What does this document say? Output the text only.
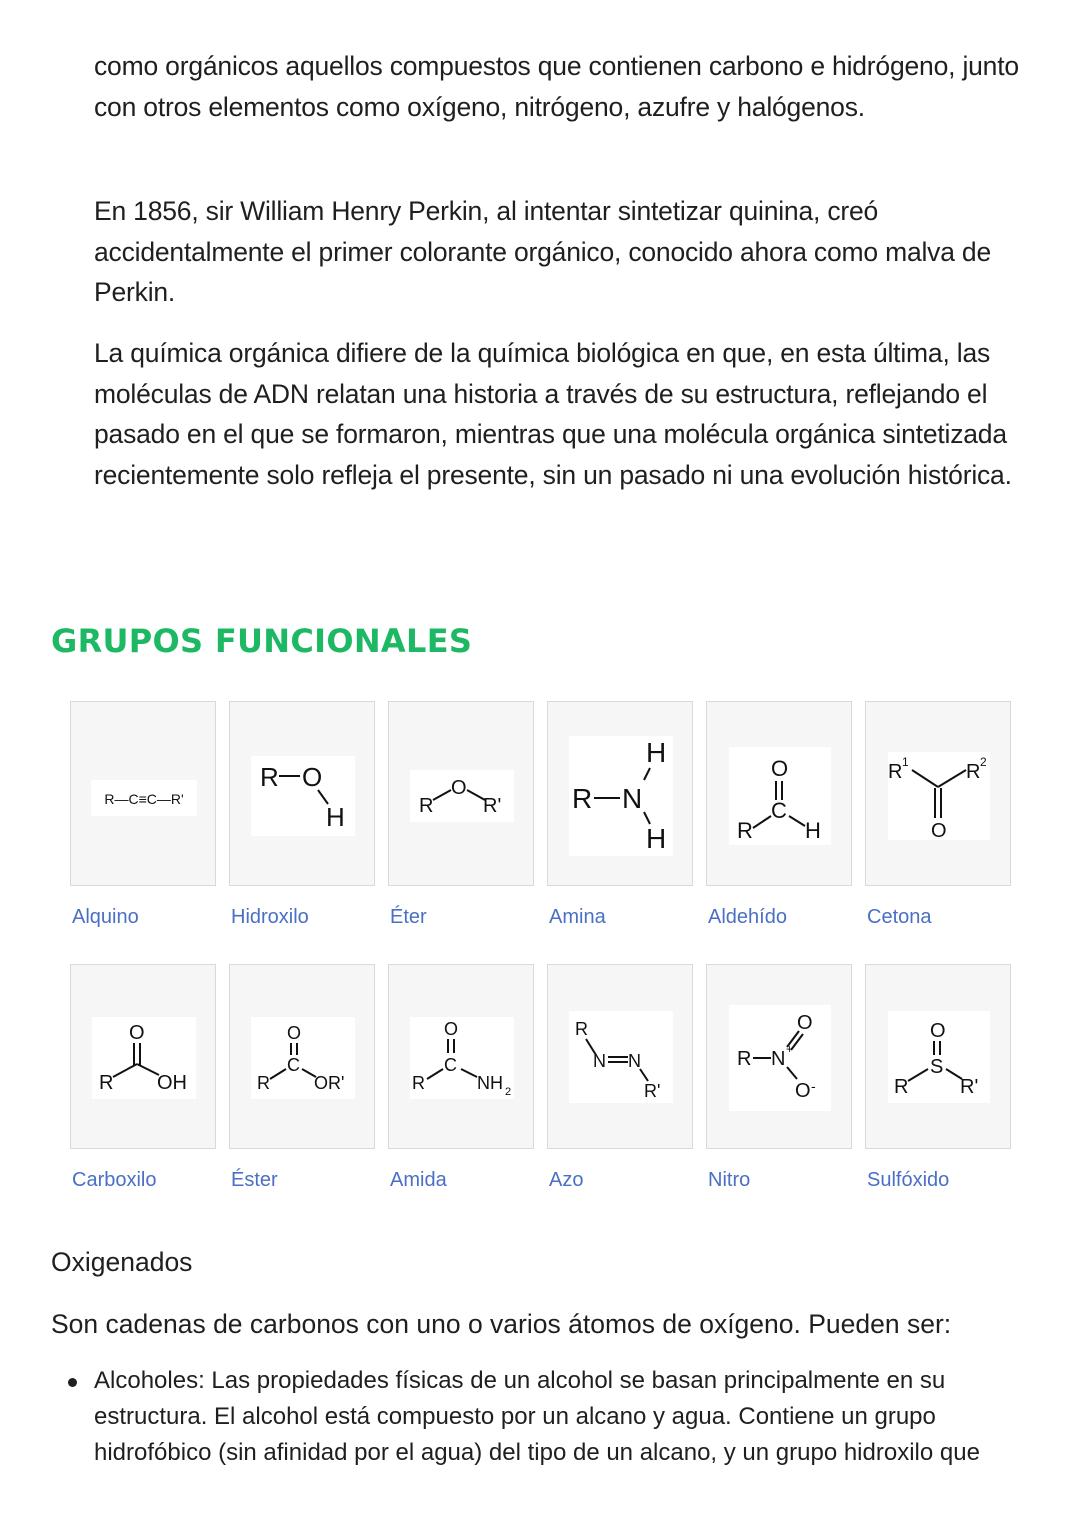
como orgánicos aquellos compuestos que contienen carbono e hidrógeno, junto con otros elementos como oxígeno, nitrógeno, azufre y halógenos.

En 1856, sir William Henry Perkin, al intentar sintetizar quinina, creó accidentalmente el primer colorante orgánico, conocido ahora como malva de Perkin.

La química orgánica difiere de la química biológica en que, en esta última, las moléculas de ADN relatan una historia a través de su estructura, reflejando el pasado en el que se formaron, mientras que una molécula orgánica sintetizada recientemente solo refleja el presente, sin un pasado ni una evolución histórica.

GRUPOS FUNCIONALES
R—C≡C—R'
Alquino
R O
H
Hidroxilo
R
O
R'
Éter
R N
H
H
Amina
O
C
R H
Aldehído
R 1	R 2
O
Cetona
O
R OH
Carboxilo
O
C
R OR'
Éster
O
C
R	NH 2
Amida
R
N N
R'
Azo
R N +
O
O -
Nitro
O
S
R	R'
Sulfóxido

Oxigenados

Son cadenas de carbonos con uno o varios átomos de oxígeno. Pueden ser:

Alcoholes: Las propiedades físicas de un alcohol se basan principalmente en su estructura. El alcohol está compuesto por un alcano y agua. Contiene un grupo hidrofóbico (sin afinidad por el agua) del tipo de un alcano, y un grupo hidroxilo que
